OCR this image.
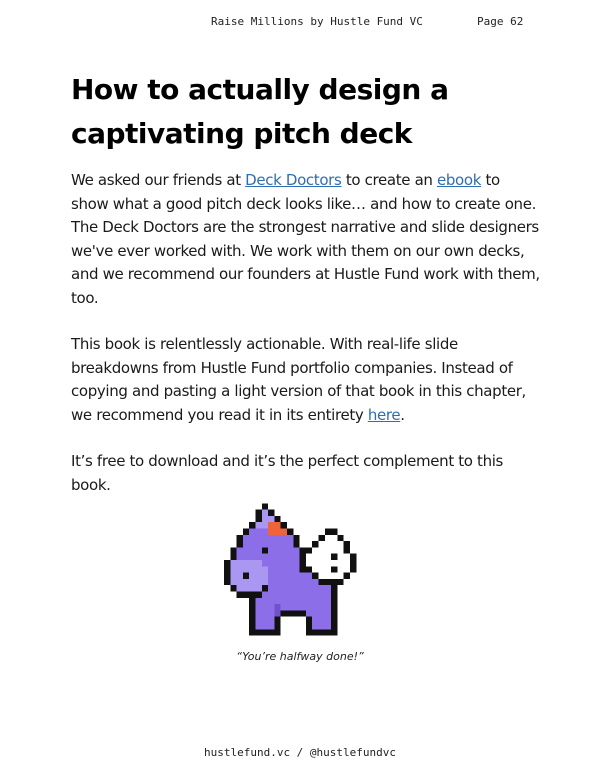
Raise Millions by Hustle Fund VC	Page 62
How to actually design a captivating pitch deck

We asked our friends at Deck Doctors to create an ebook to show what a good pitch deck looks like… and how to create one. The Deck Doctors are the strongest narrative and slide designers we've ever worked with. We work with them on our own decks, and we recommend our founders at Hustle Fund work with them, too.

This book is relentlessly actionable. With real-life slide breakdowns from Hustle Fund portfolio companies. Instead of copying and pasting a light version of that book in this chapter, we recommend you read it in its entirety here.

It’s free to download and it’s the perfect complement to this book.

“You’re halfway done!”
hustlefund.vc / @hustlefundvc
